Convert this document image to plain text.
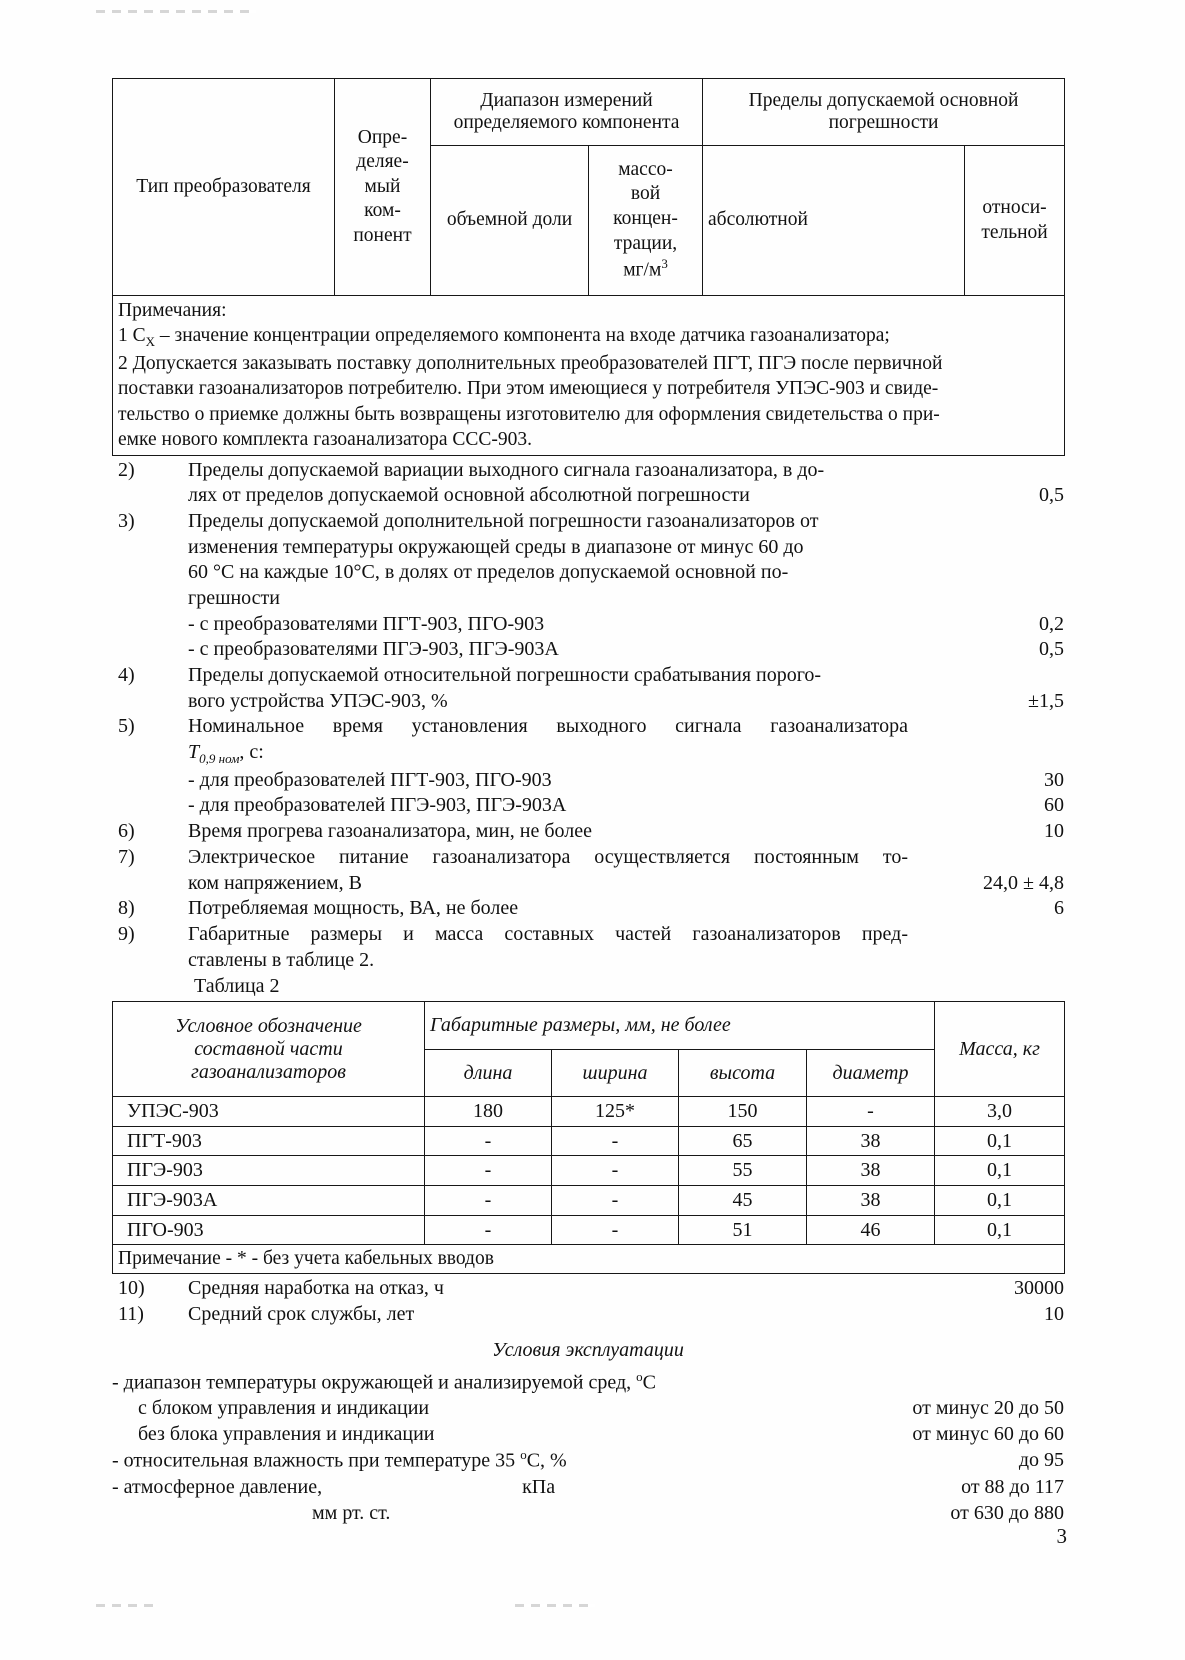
Тип преобразователя	Опре-
деляе-
мый
ком-
понент	Диапазон измерений
определяемого компонента		Пределы допускаемой основной
погрешности	
		объемной доли	массо-
вой
концен-
трации,
$мг/м^3$	абсолютной	относи-
тельной

Примечания:

1 $C_X$ – значение концентрации определяемого компонента на входе датчика газоанализатора;

2 Допускается заказывать поставку дополнительных преобразователей ПГТ, ПГЭ после первичной

поставки газоанализаторов потребителю. При этом имеющиеся у потребителя УПЭС-903 и свиде-

тельство о приемке должны быть возвращены изготовителю для оформления свидетельства о при-

емке нового комплекта газоанализатора ССС-903.

2)	Пределы допускаемой вариации выходного сигнала газоанализатора, в до-
лях от пределов допускаемой основной абсолютной погрешности	0,5
3)	Пределы допускаемой дополнительной погрешности газоанализаторов от
изменения температуры окружающей среды в диапазоне от минус 60 до
60 °С на каждые 10°С, в долях от пределов допускаемой основной по-
грешности
- с преобразователями ПГТ-903, ПГО-903	0,2
- с преобразователями ПГЭ-903, ПГЭ-903А	0,5
4)	Пределы допускаемой относительной погрешности срабатывания порого-
вого устройства УПЭС-903, %	±1,5
5)	Номинальное время установления выходного сигнала газоанализатора
$T_{0,9 ном}$, с:
- для преобразователей ПГТ-903, ПГО-903	30
- для преобразователей ПГЭ-903, ПГЭ-903А	60
6)	Время прогрева газоанализатора, мин, не более	10
7)	Электрическое питание газоанализатора осуществляется постоянным то-
ком напряжением, В	24,0 ± 4,8
8)	Потребляемая мощность, ВА, не более	6
9)	Габаритные размеры и масса составных частей газоанализаторов пред-
ставлены в таблице 2.
Таблица 2
Условное обозначение
составной части
газоанализаторов	Габаритные размеры, мм, не более				Масса, кг
	длина	ширина	высота	диаметр	
УПЭС-903	180	125*	150	-	3,0
ПГТ-903	-	-	65	38	0,1
ПГЭ-903	-	-	55	38	0,1
ПГЭ-903А	-	-	45	38	0,1
ПГО-903	-	-	51	46	0,1
Примечание - * - без учета кабельных вводов					
10)	Средняя наработка на отказ, ч	30000
11)	Средний срок службы, лет	10
Условия эксплуатации
- диапазон температуры окружающей и анализируемой сред, $^о$С
с блоком управления и индикации	от минус 20 до 50
без блока управления и индикации	от минус 60 до 60
- относительная влажность при температуре 35 $^о$С, %	до 95
- атмосферное давление,	кПа	от 88 до 117
мм рт. ст.	от 630 до 880
3
